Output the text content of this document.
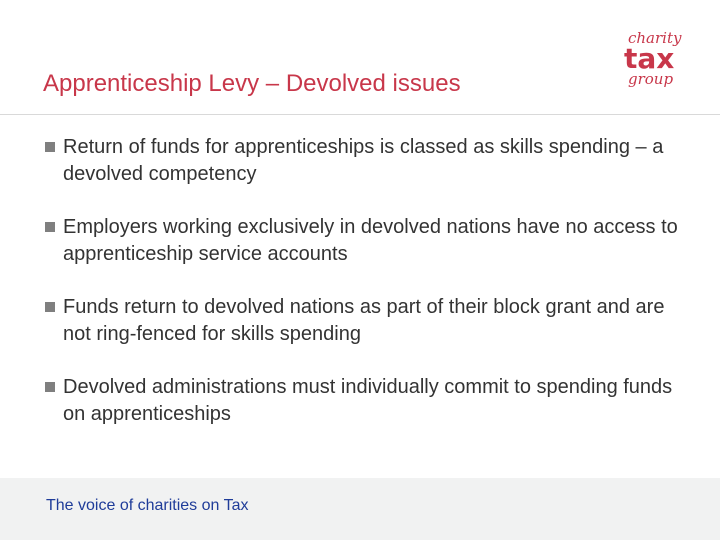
Apprenticeship Levy – Devolved issues
charity
tax
group
Return of funds for apprenticeships is classed as skills spending – a devolved competency
Employers working exclusively in devolved nations have no access to apprenticeship service accounts
Funds return to devolved nations as part of their block grant and are not ring-fenced for skills spending
Devolved administrations must individually commit to spending funds on apprenticeships
The voice of charities on Tax
